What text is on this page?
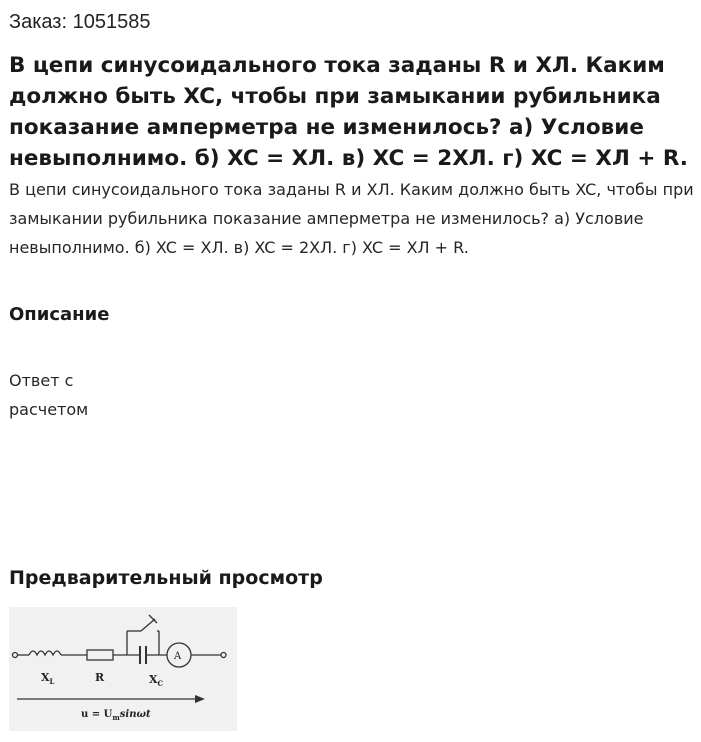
Заказ: 1051585
В цепи синусоидального тока заданы R и XЛ. Каким должно быть XC, чтобы при замыкании рубильника показание амперметра не изменилось? а) Условие невыполнимо. б) XC = XЛ. в) XC = 2XЛ. г) XC = XЛ + R.

В цепи синусоидального тока заданы R и XЛ. Каким должно быть XC, чтобы при замыкании рубильника показание амперметра не изменилось? а) Условие невыполнимо. б) XC = XЛ. в) XC = 2XЛ. г) XC = XЛ + R.

Описание

Ответ с расчетом

Предварительный просмотр
A
$X_L$	R	$X_C$
$u = U_m\sin\omega t$
